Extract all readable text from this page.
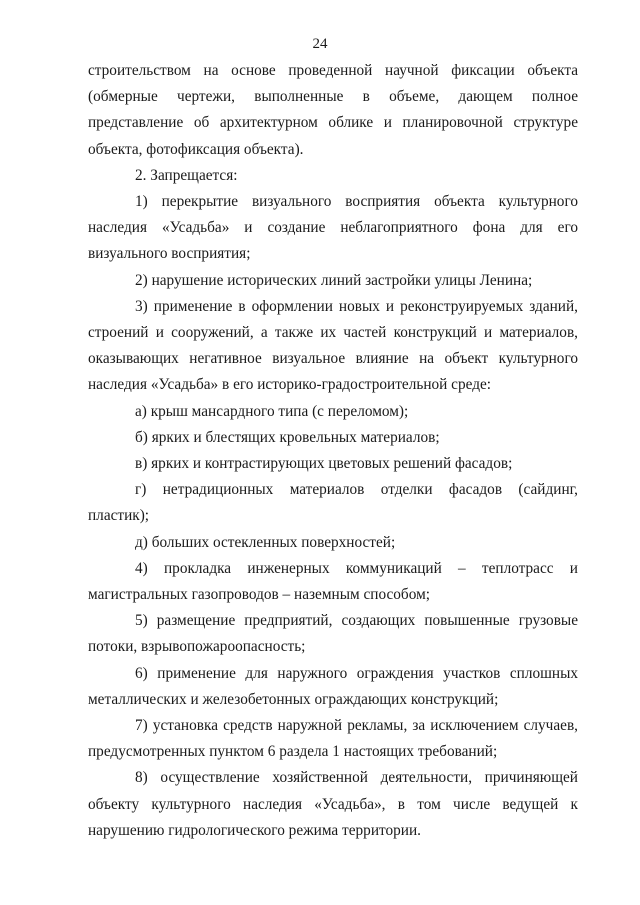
24

строительством на основе проведенной научной фиксации объекта (обмерные чертежи, выполненные в объеме, дающем полное представление об архитектурном облике и планировочной структуре объекта, фотофиксация объекта).

2. Запрещается:

1) перекрытие визуального восприятия объекта культурного наследия «Усадьба» и создание неблагоприятного фона для его визуального восприятия;

2) нарушение исторических линий застройки улицы Ленина;

3) применение в оформлении новых и реконструируемых зданий, строений и сооружений, а также их частей конструкций и материалов, оказывающих негативное визуальное влияние на объект культурного наследия «Усадьба» в его историко-градостроительной среде:

а) крыш мансардного типа (с переломом);

б) ярких и блестящих кровельных материалов;

в) ярких и контрастирующих цветовых решений фасадов;

г) нетрадиционных материалов отделки фасадов (сайдинг, пластик);

д) больших остекленных поверхностей;

4) прокладка инженерных коммуникаций – теплотрасс и магистральных газопроводов – наземным способом;

5) размещение предприятий, создающих повышенные грузовые потоки, взрывопожароопасность;

6) применение для наружного ограждения участков сплошных металлических и железобетонных ограждающих конструкций;

7) установка средств наружной рекламы, за исключением случаев, предусмотренных пунктом 6 раздела 1 настоящих требований;

8) осуществление хозяйственной деятельности, причиняющей объекту культурного наследия «Усадьба», в том числе ведущей к нарушению гидрологического режима территории.
